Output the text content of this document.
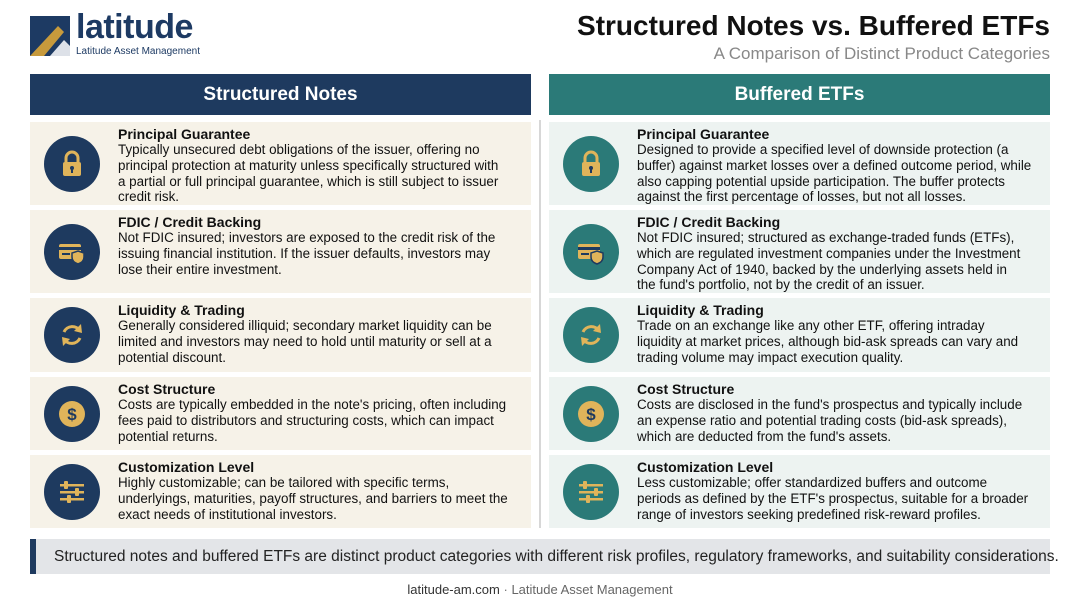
latitude
Latitude Asset Management
Structured Notes vs. Buffered ETFs
A Comparison of Distinct Product Categories
Structured Notes	Buffered ETFs
Principal Guarantee
Typically unsecured debt obligations of the issuer, offering no
principal protection at maturity unless specifically structured with
a partial or full principal guarantee, which is still subject to issuer
credit risk.
FDIC / Credit Backing
Not FDIC insured; investors are exposed to the credit risk of the
issuing financial institution. If the issuer defaults, investors may
lose their entire investment.
Liquidity & Trading
Generally considered illiquid; secondary market liquidity can be
limited and investors may need to hold until maturity or sell at a
potential discount.
$
Cost Structure
Costs are typically embedded in the note's pricing, often including
fees paid to distributors and structuring costs, which can impact
potential returns.
Customization Level
Highly customizable; can be tailored with specific terms,
underlyings, maturities, payoff structures, and barriers to meet the
exact needs of institutional investors.
Principal Guarantee
Designed to provide a specified level of downside protection (a
buffer) against market losses over a defined outcome period, while
also capping potential upside participation. The buffer protects
against the first percentage of losses, but not all losses.
FDIC / Credit Backing
Not FDIC insured; structured as exchange-traded funds (ETFs),
which are regulated investment companies under the Investment
Company Act of 1940, backed by the underlying assets held in
the fund's portfolio, not by the credit of an issuer.
Liquidity & Trading
Trade on an exchange like any other ETF, offering intraday
liquidity at market prices, although bid-ask spreads can vary and
trading volume may impact execution quality.
$
Cost Structure
Costs are disclosed in the fund's prospectus and typically include
an expense ratio and potential trading costs (bid-ask spreads),
which are deducted from the fund's assets.
Customization Level
Less customizable; offer standardized buffers and outcome
periods as defined by the ETF's prospectus, suitable for a broader
range of investors seeking predefined risk-reward profiles.
Structured notes and buffered ETFs are distinct product categories with different risk profiles, regulatory frameworks, and suitability considerations.
latitude-am.com · Latitude Asset Management
